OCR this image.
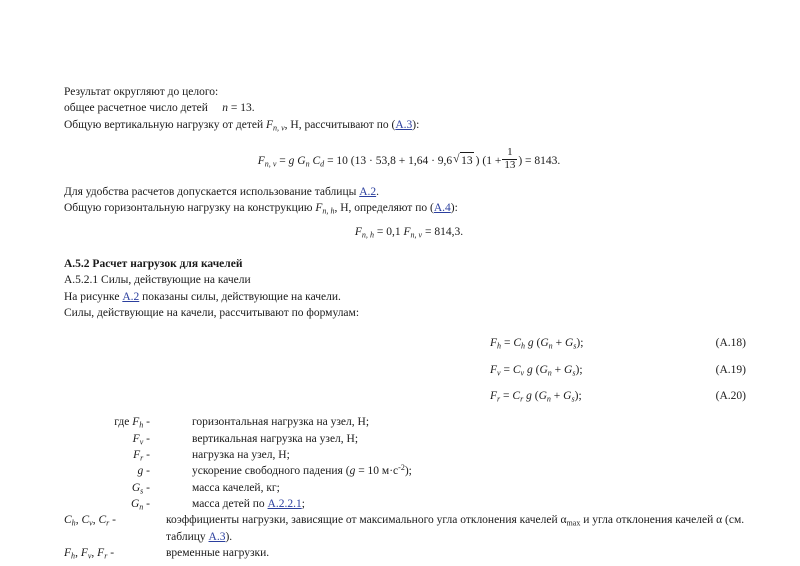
Результат округляют до целого:

общее расчетное число детей n = 13.

Общую вертикальную нагрузку от детей $F_{n, v}$, Н, рассчитывают по (А.3):

$F_{n, v} = g$ $G_n$ $C_d = 10$ (13 · 53,8 + 1,64 · 9,6 √ 13 ) ($1 + \frac{1}{13}$ ) = 8143.

Для удобства расчетов допускается использование таблицы А.2.

Общую горизонтальную нагрузку на конструкцию $F_{n, h}$, Н, определяют по (А.4):

$F_{n, h} = 0,1$ $F_{n, v} = 814,3$.

А.5.2 Расчет нагрузок для качелей

А.5.2.1 Силы, действующие на качели

На рисунке А.2 показаны силы, действующие на качели.

Силы, действующие на качели, рассчитывают по формулам:

$F_h = C_h$ g $(G_n + G_s)$;	(А.18)
$F_v = C_v$ g $(G_n + G_s)$;	(А.19)
$F_r = C_r$ g $(G_n + G_s)$;	(А.20)
где $F_h$ -	горизонтальная нагрузка на узел, Н;
$F_v$ -	вертикальная нагрузка на узел, Н;
$F_r$ -	нагрузка на узел, Н;
g -	ускорение свободного падения (g = 10 $м\cdot с^{-2}$);
$G_s$ -	масса качелей, кг;
$G_n$ -	масса детей по А.2.2.1;
$C_h$, $C_v$, $C_r$ -	коэффициенты нагрузки, зависящие от максимального угла отклонения качелей $\alpha_{max}$ и угла отклонения качелей α (см.
таблицу А.3).
$F_h$, $F_v$, $F_r$ -	временные нагрузки.
